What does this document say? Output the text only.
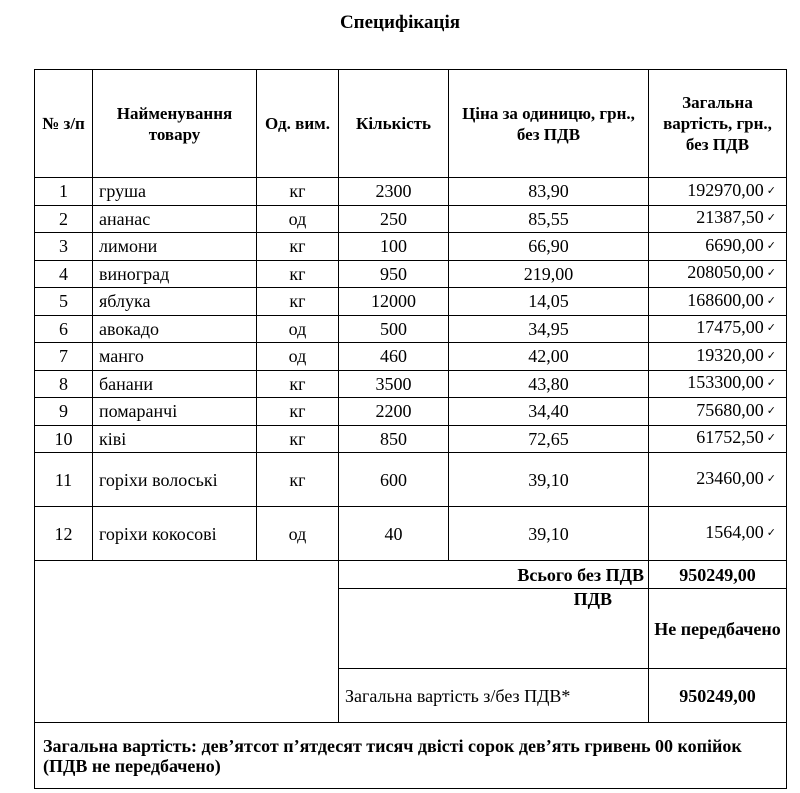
Специфікація
№ з/п	Найменування товару	Од. вим.	Кількість	Ціна за одиницю, грн., без ПДВ	Загальна вартість, грн., без ПДВ
1	груша	кг	2300	83,90	192970,00 ✓
2	ананас	од	250	85,55	21387,50 ✓
3	лимони	кг	100	66,90	6690,00 ✓
4	виноград	кг	950	219,00	208050,00 ✓
5	яблука	кг	12000	14,05	168600,00 ✓
6	авокадо	од	500	34,95	17475,00 ✓
7	манго	од	460	42,00	19320,00 ✓
8	банани	кг	3500	43,80	153300,00 ✓
9	помаранчі	кг	2200	34,40	75680,00 ✓
10	ківі	кг	850	72,65	61752,50 ✓
11	горіхи волоські	кг	600	39,10	23460,00 ✓
12	горіхи кокосові	од	40	39,10	1564,00 ✓
			Всього без ПДВ		950249,00
			ПДВ		Не передбачено
			Загальна вартість з/без ПДВ*		950249,00
Загальна вартість: дев’ятсот п’ятдесят тисяч двісті сорок дев’ять гривень 00 копійок (ПДВ не передбачено)					
